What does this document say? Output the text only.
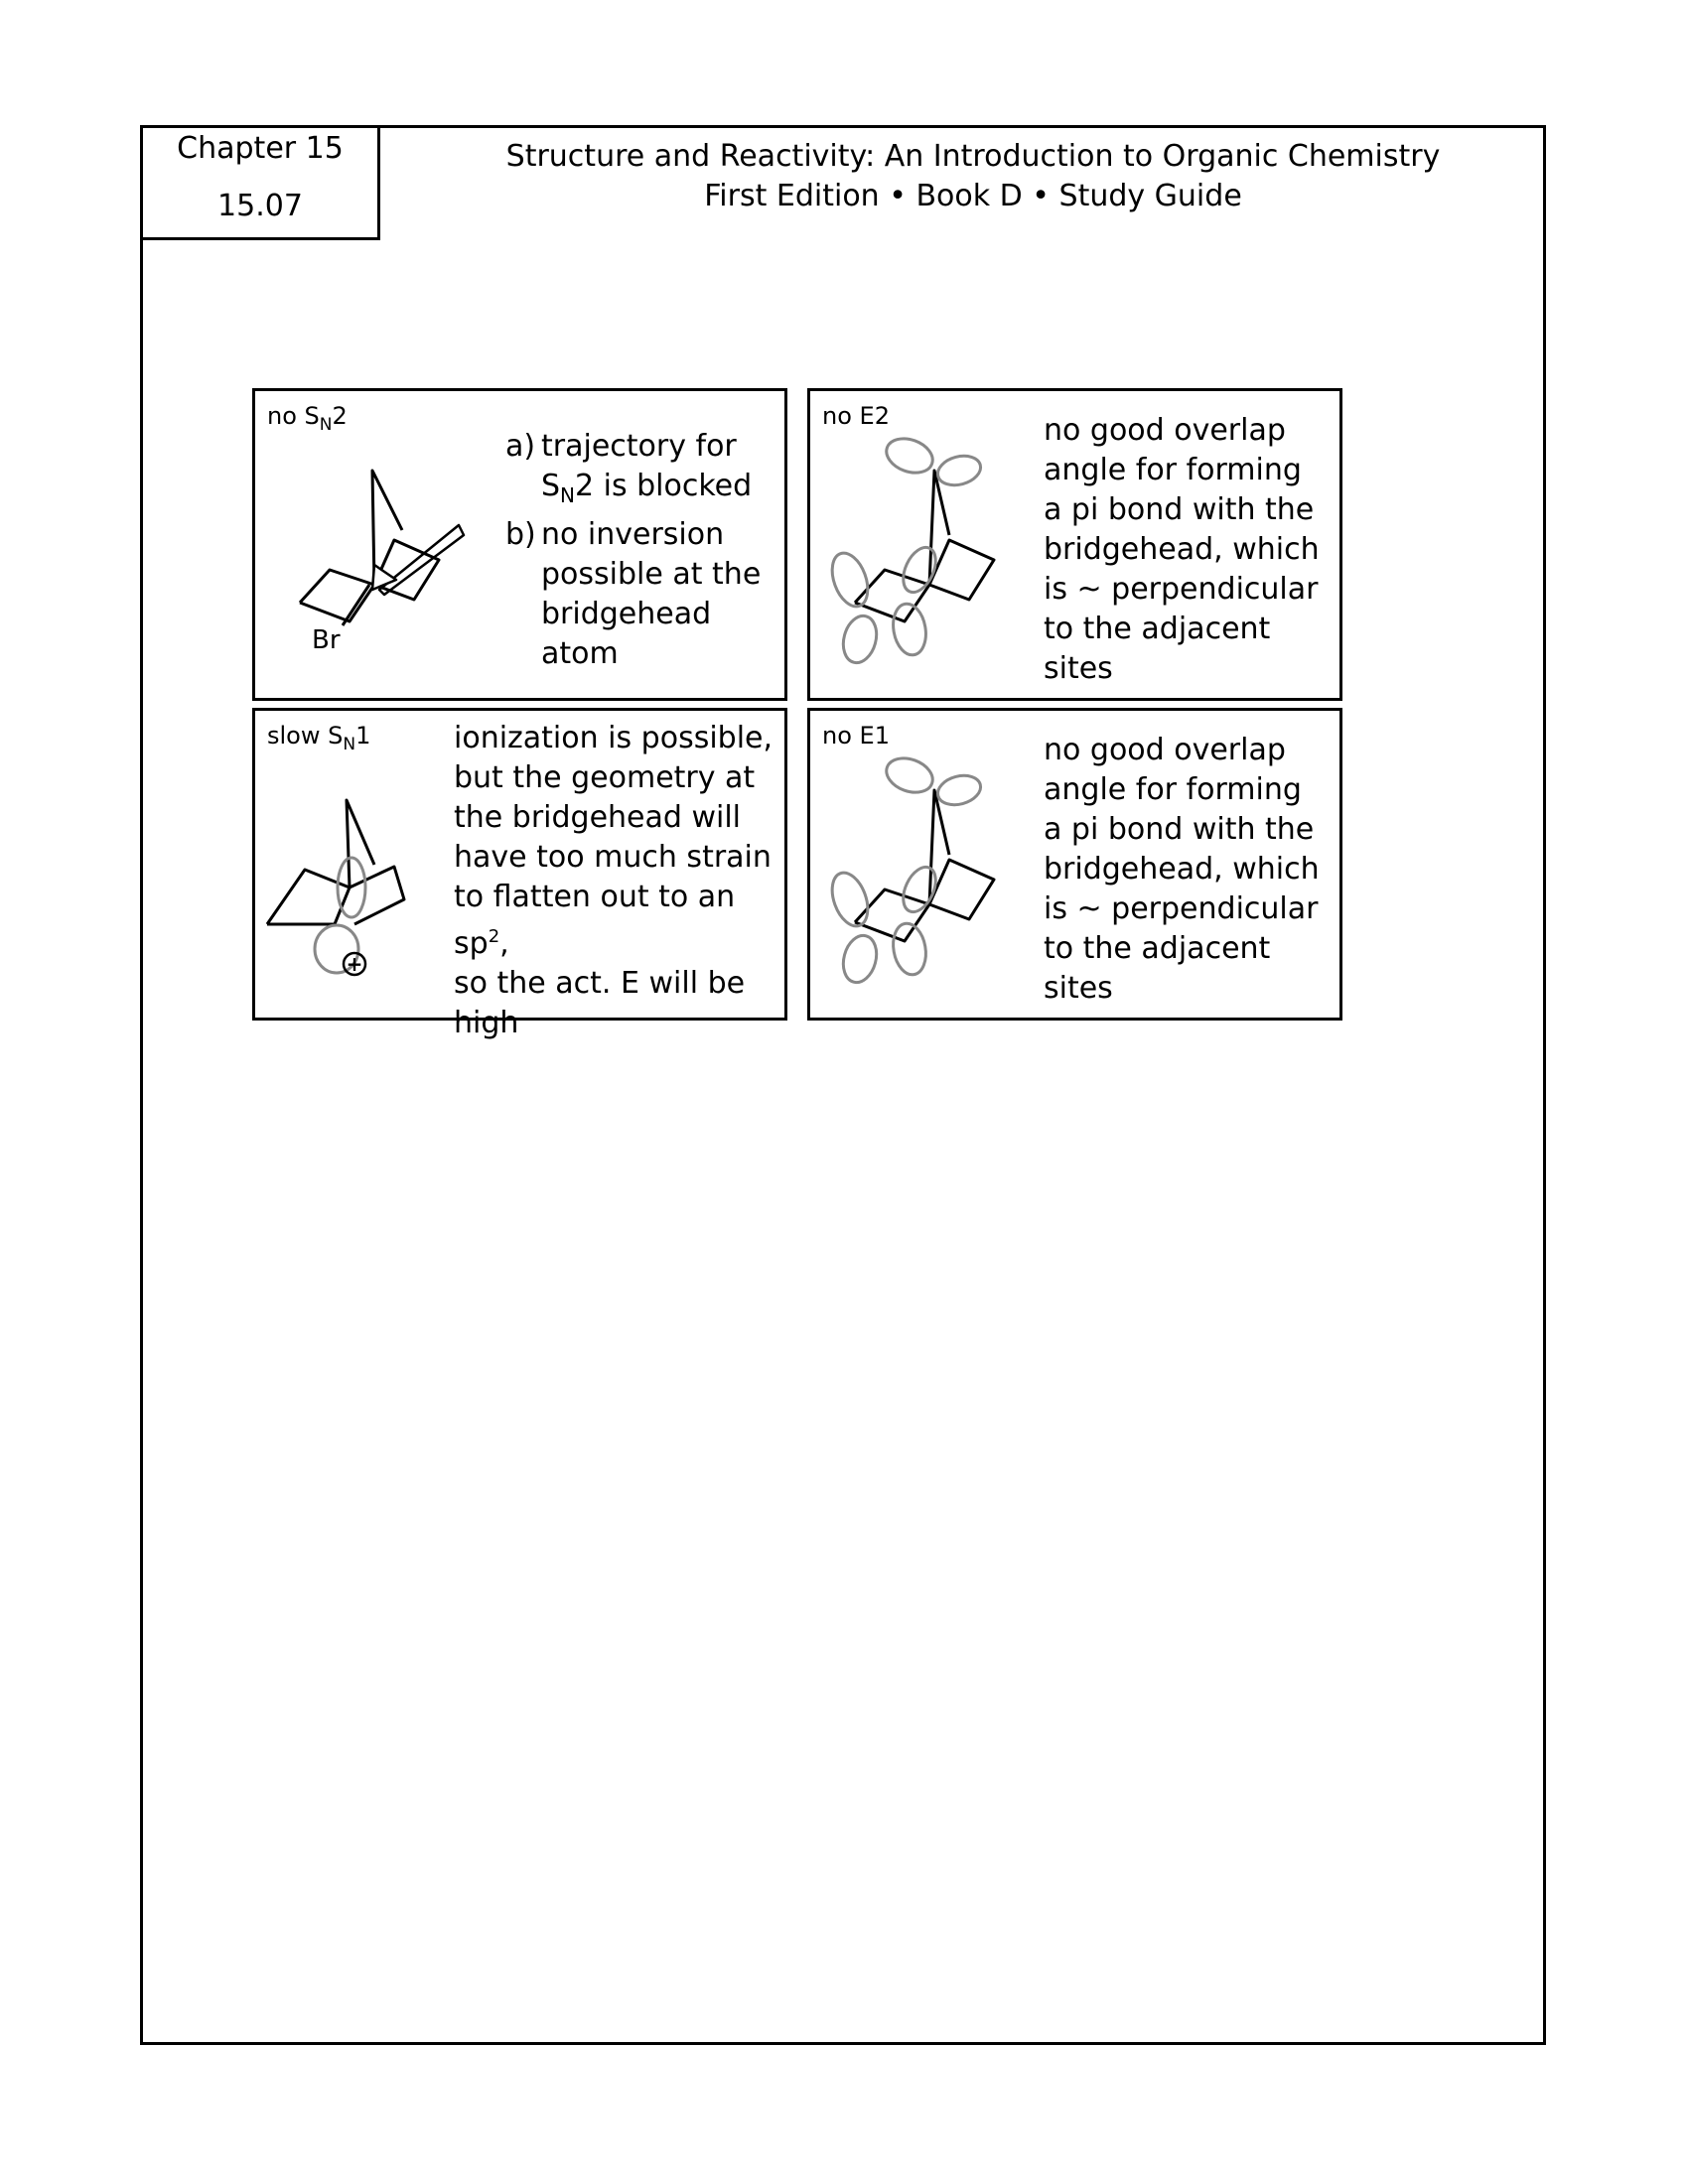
Chapter 15
15.07
Structure and Reactivity: An Introduction to Organic Chemistry
First Edition • Book D • Study Guide
no $S_N2$
Br
a) trajectory for
$S_N2$ is blocked
b) no inversion
possible at the
bridgehead
atom
no E2	no good overlap
angle for forming
a pi bond with the
bridgehead, which
is ~ perpendicular
to the adjacent
sites
slow $S_N1$
+
ionization is possible,
but the geometry at
the bridgehead will
have too much strain
to flatten out to an $sp^2$,
so the act. E will be
high
no E1	no good overlap
angle for forming
a pi bond with the
bridgehead, which
is ~ perpendicular
to the adjacent
sites
